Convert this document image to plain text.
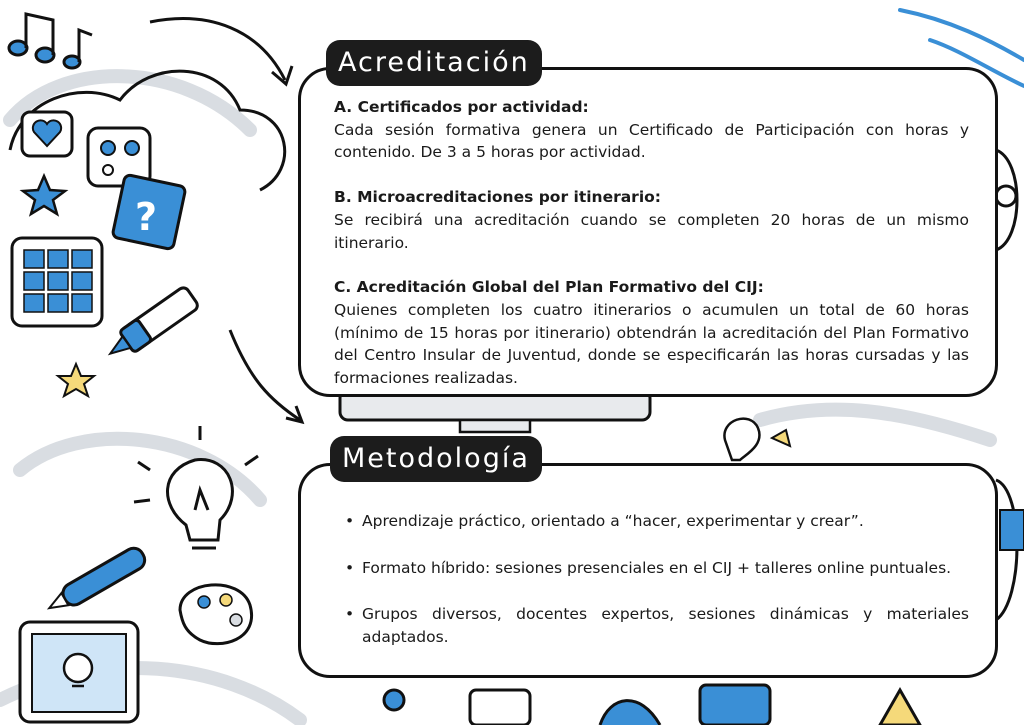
?
A. Certificados por actividad:
Cada sesión formativa genera un Certificado de Participación con horas y contenido. De 3 a 5 horas por actividad.
B. Microacreditaciones por itinerario:
Se recibirá una acreditación cuando se completen 20 horas de un mismo itinerario.
C. Acreditación Global del Plan Formativo del CIJ:
Quienes completen los cuatro itinerarios o acumulen un total de 60 horas (mínimo de 15 horas por itinerario) obtendrán la acreditación del Plan Formativo del Centro Insular de Juventud, donde se especificarán las horas cursadas y las formaciones realizadas.
Acreditación
• Aprendizaje práctico, orientado a “hacer, experimentar y crear”.
• Formato híbrido: sesiones presenciales en el CIJ + talleres online puntuales.
• Grupos diversos, docentes expertos, sesiones dinámicas y materiales adaptados.
Metodología
